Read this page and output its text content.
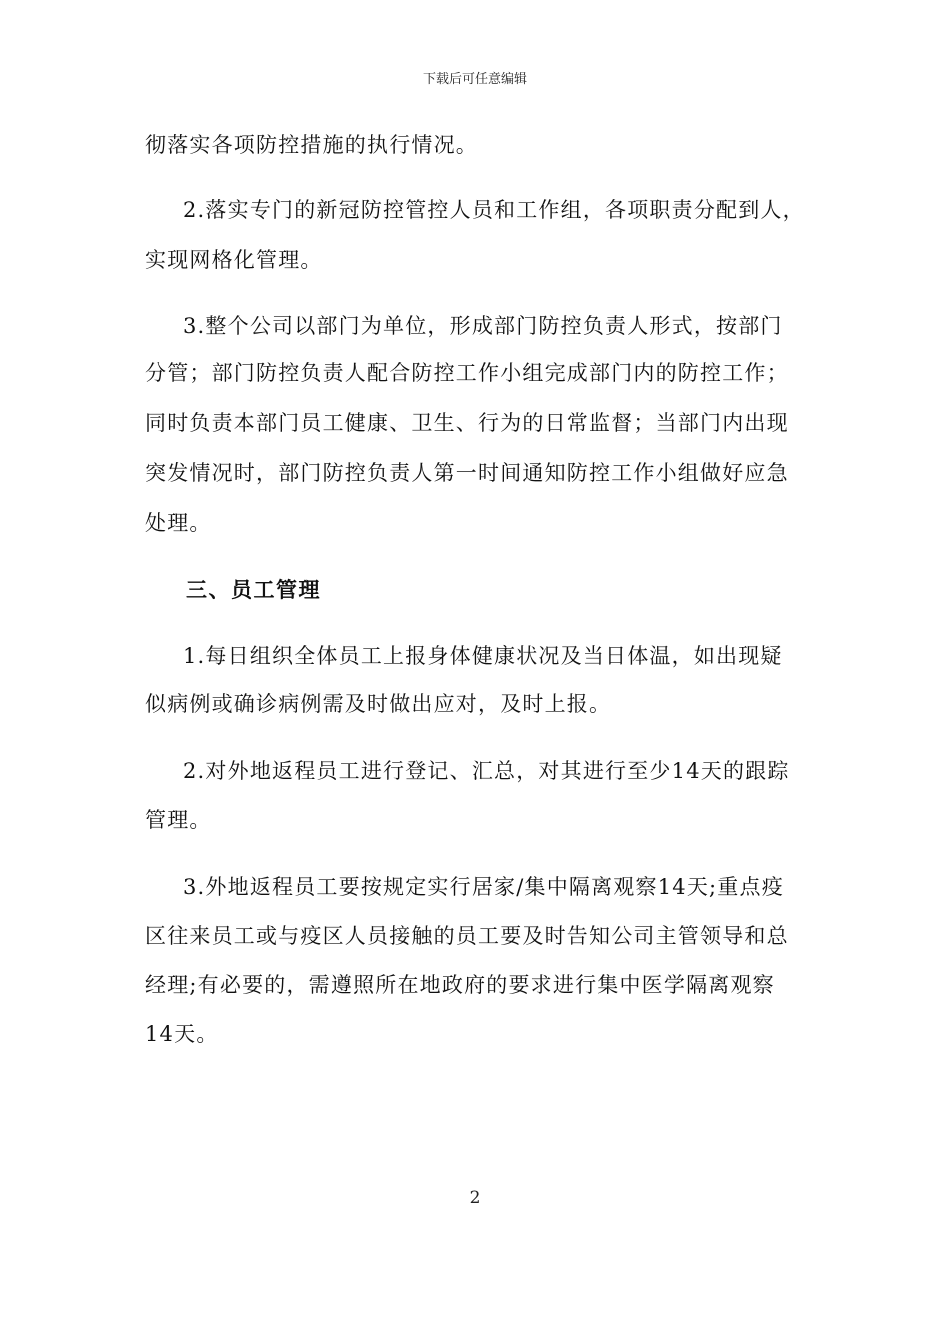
下载后可任意编辑
彻落实各项防控措施的执行情况。
2.落实专门的新冠防控管控人员和工作组，各项职责分配到人，
实现网格化管理。
3.整个公司以部门为单位，形成部门防控负责人形式，按部门
分管；部门防控负责人配合防控工作小组完成部门内的防控工作；
同时负责本部门员工健康、卫生、行为的日常监督；当部门内出现
突发情况时，部门防控负责人第一时间通知防控工作小组做好应急
处理。
三、员工管理
1.每日组织全体员工上报身体健康状况及当日体温，如出现疑
似病例或确诊病例需及时做出应对，及时上报。
2.对外地返程员工进行登记、汇总，对其进行至少14天的跟踪
管理。
3.外地返程员工要按规定实行居家/集中隔离观察14天;重点疫
区往来员工或与疫区人员接触的员工要及时告知公司主管领导和总
经理;有必要的，需遵照所在地政府的要求进行集中医学隔离观察
14天。
2
